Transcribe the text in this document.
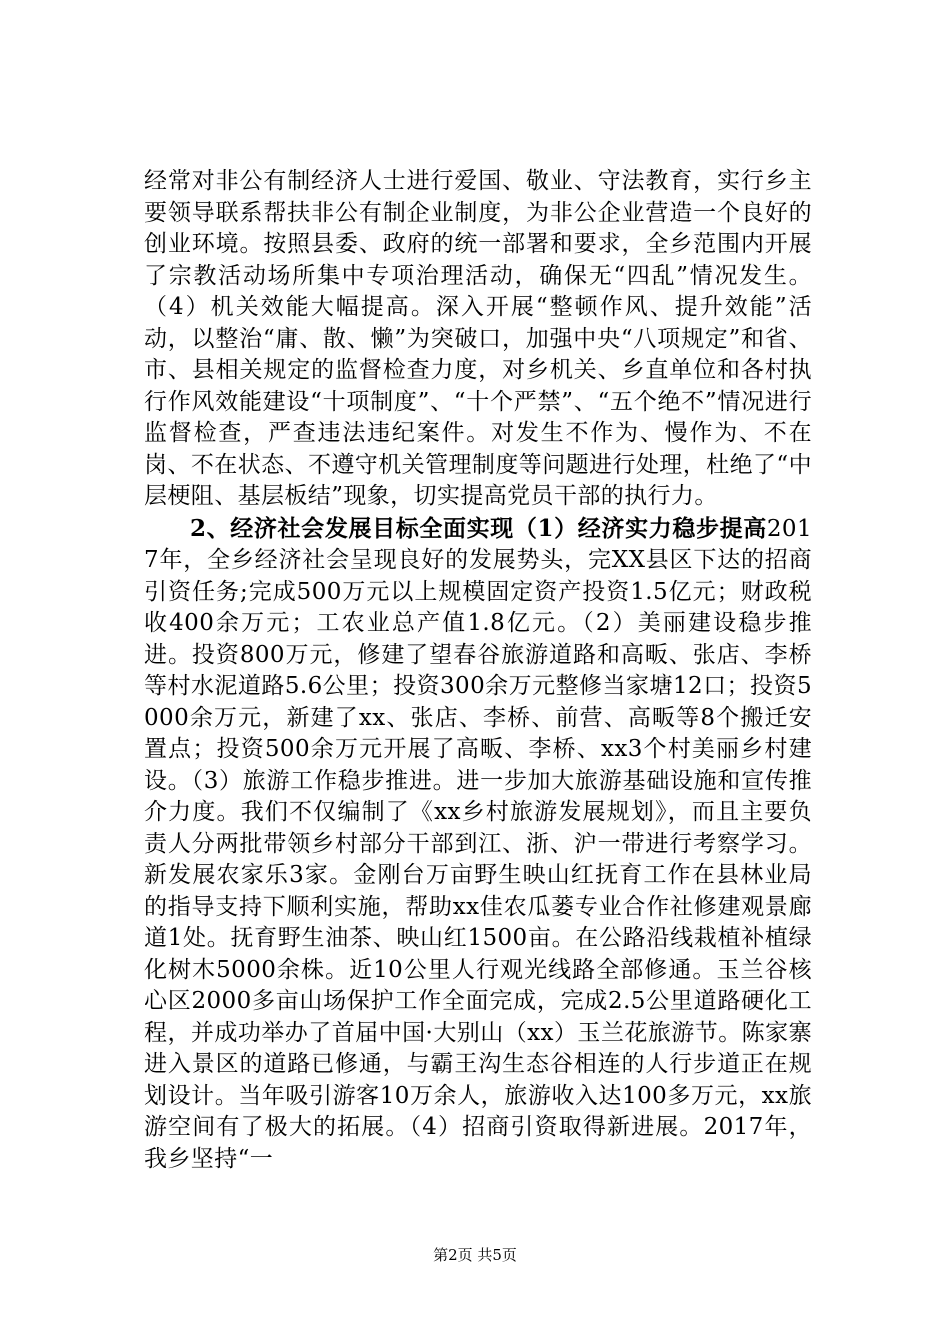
经常对非公有制经济人士进行爱国、敬业、守法教育，实行乡主要领导联系帮扶非公有制企业制度，为非公企业营造一个良好的创业环境。按照县委、政府的统一部署和要求，全乡范围内开展了宗教活动场所集中专项治理活动，确保无“四乱”情况发生。（4）机关效能大幅提高。深入开展“整顿作风、提升效能”活动，以整治“庸、散、懒”为突破口，加强中央“八项规定”和省、市、县相关规定的监督检查力度，对乡机关、乡直单位和各村执行作风效能建设“十项制度”、“十个严禁”、“五个绝不”情况进行监督检查，严查违法违纪案件。对发生不作为、慢作为、不在岗、不在状态、不遵守机关管理制度等问题进行处理，杜绝了“中层梗阻、基层板结”现象，切实提高党员干部的执行力。

2、经济社会发展目标全面实现（1）经济实力稳步提高2017年，全乡经济社会呈现良好的发展势头，完XX县区下达的招商引资任务;完成500万元以上规模固定资产投资1.5亿元；财政税收400余万元；工农业总产值1.8亿元。（2）美丽建设稳步推进。投资800万元，修建了望春谷旅游道路和高畈、张店、李桥等村水泥道路5.6公里；投资300余万元整修当家塘12口；投资5000余万元，新建了xx、张店、李桥、前营、高畈等8个搬迁安置点；投资500余万元开展了高畈、李桥、xx3个村美丽乡村建设。（3）旅游工作稳步推进。进一步加大旅游基础设施和宣传推介力度。我们不仅编制了《xx乡村旅游发展规划》，而且主要负责人分两批带领乡村部分干部到江、浙、沪一带进行考察学习。新发展农家乐3家。金刚台万亩野生映山红抚育工作在县林业局的指导支持下顺利实施，帮助xx佳农瓜蒌专业合作社修建观景廊道1处。抚育野生油茶、映山红1500亩。在公路沿线栽植补植绿化树木5000余株。近10公里人行观光线路全部修通。玉兰谷核心区2000多亩山场保护工作全面完成，完成2.5公里道路硬化工程，并成功举办了首届中国·大别山（xx）玉兰花旅游节。陈家寨进入景区的道路已修通，与霸王沟生态谷相连的人行步道正在规划设计。当年吸引游客10万余人，旅游收入达100多万元，xx旅游空间有了极大的拓展。（4）招商引资取得新进展。2017年，我乡坚持“一

第2页 共5页
